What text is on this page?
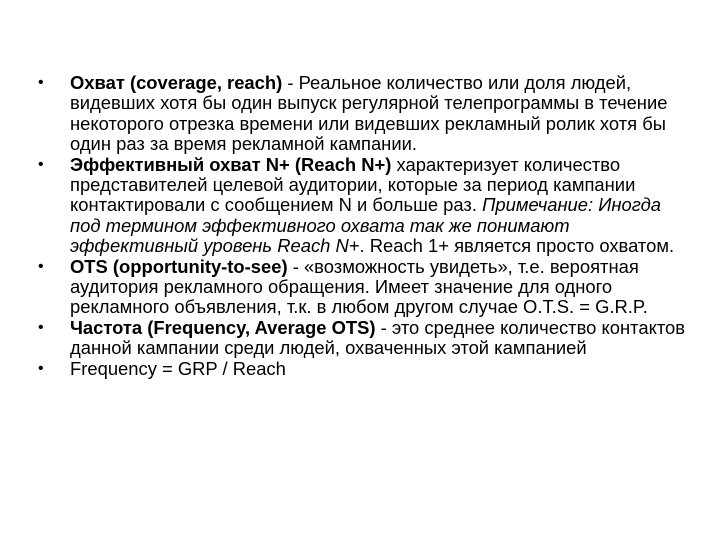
• Охват (coverage, reach) - Реальное количество или доля людей, видевших хотя бы один выпуск регулярной телепрограммы в течение некоторого отрезка времени или видевших рекламный ролик хотя бы один раз за время рекламной кампании.
• Эффективный охват N+ (Reach N+) характеризует количество представителей целевой аудитории, которые за период кампании контактировали с сообщением N и больше раз. Примечание: Иногда под термином эффективного охвата так же понимают эффективный уровень Reach N+. Reach 1+ является просто охватом.
• OTS (opportunity-to-see) - «возможность увидеть», т.е. вероятная аудитория рекламного обращения. Имеет значение для одного рекламного объявления, т.к. в любом другом случае O.T.S. = G.R.P.
• Частота (Frequency, Average OTS) - это среднее количество контактов данной кампании среди людей, охваченных этой кампанией
• Frequency = GRP / Reach
